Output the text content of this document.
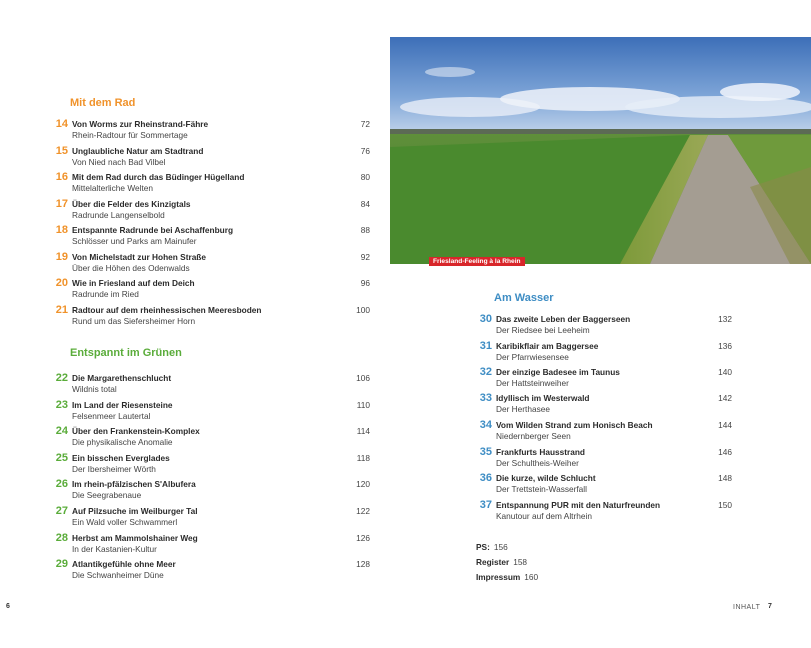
Mit dem Rad
14 Von Worms zur Rheinstrand-Fähre
Rhein-Radtour für Sommertage
72
15 Unglaubliche Natur am Stadtrand
Von Nied nach Bad Vilbel
76
16 Mit dem Rad durch das Büdinger Hügelland
Mittelalterliche Welten
80
17 Über die Felder des Kinzigtals
Radrunde Langenselbold
84
18 Entspannte Radrunde bei Aschaffenburg
Schlösser und Parks am Mainufer
88
19 Von Michelstadt zur Hohen Straße
Über die Höhen des Odenwalds
92
20 Wie in Friesland auf dem Deich
Radrunde im Ried
96
21 Radtour auf dem rheinhessischen Meeresboden
Rund um das Siefersheimer Horn
100
Entspannt im Grünen
22 Die Margarethenschlucht
Wildnis total
106
23 Im Land der Riesensteine
Felsenmeer Lautertal
110
24 Über den Frankenstein-Komplex
Die physikalische Anomalie
114
25 Ein bisschen Everglades
Der Ibersheimer Wörth
118
26 Im rhein-pfälzischen S'Albufera
Die Seegrabenaue
120
27 Auf Pilzsuche im Weilburger Tal
Ein Wald voller Schwammerl
122
28 Herbst am Mammolshainer Weg
In der Kastanien-Kultur
126
29 Atlantikgefühle ohne Meer
Die Schwanheimer Düne
128
6
Friesland-Feeling à la Rhein
Am Wasser
30 Das zweite Leben der Baggerseen
Der Riedsee bei Leeheim
132
31 Karibikflair am Baggersee
Der Pfarrwiesensee
136
32 Der einzige Badesee im Taunus
Der Hattsteinweiher
140
33 Idyllisch im Westerwald
Der Herthasee
142
34 Vom Wilden Strand zum Honisch Beach
Niedernberger Seen
144
35 Frankfurts Hausstrand
Der Schultheis-Weiher
146
36 Die kurze, wilde Schlucht
Der Trettstein-Wasserfall
148
37 Entspannung PUR mit den Naturfreunden
Kanutour auf dem Altrhein
150
PS: 156
Register 158
Impressum 160
INHALT 7
